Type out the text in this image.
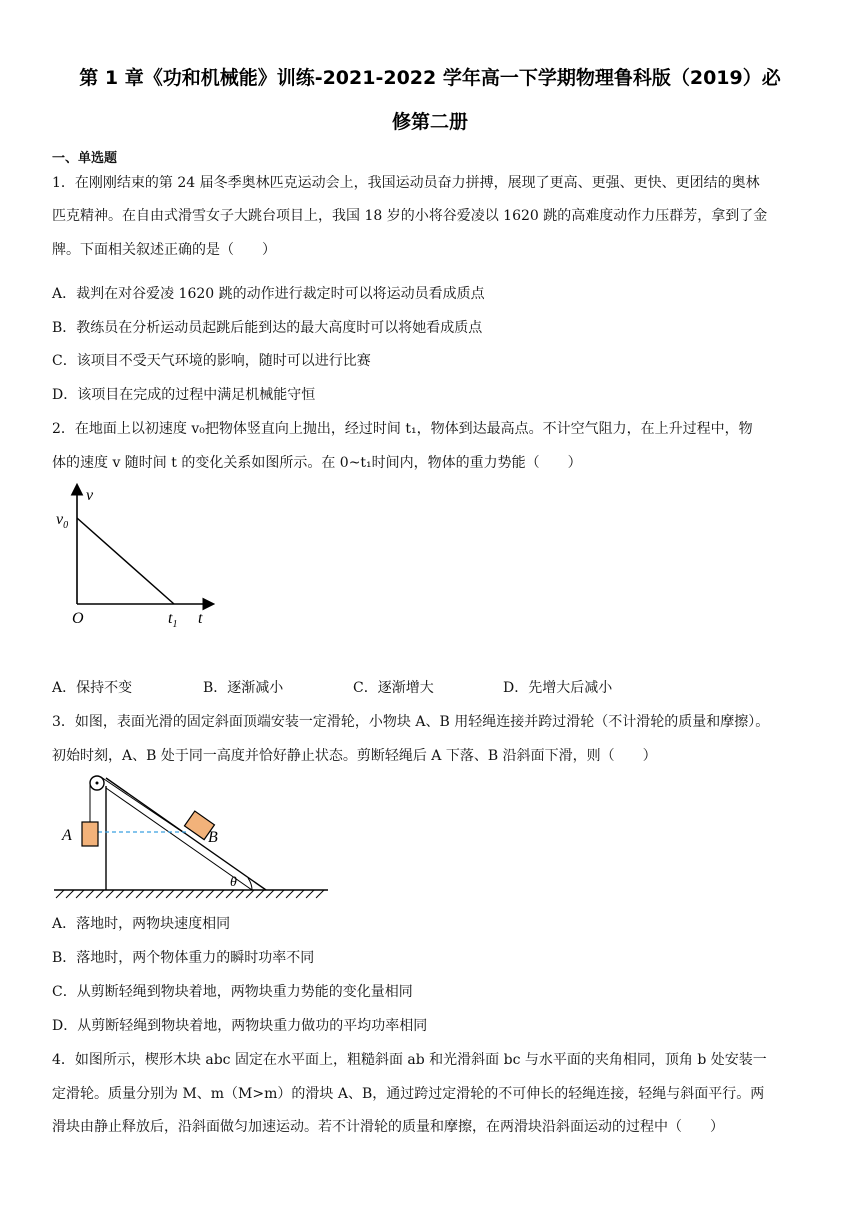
第 1 章《功和机械能》训练-2021-2022 学年高一下学期物理鲁科版（2019）必
修第二册
一、单选题
1．在刚刚结束的第 24 届冬季奥林匹克运动会上，我国运动员奋力拼搏，展现了更高、更强、更快、更团结的奥林
匹克精神。在自由式滑雪女子大跳台项目上，我国 18 岁的小将谷爱凌以 1620 跳的高难度动作力压群芳，拿到了金
牌。下面相关叙述正确的是（　　）
A．裁判在对谷爱凌 1620 跳的动作进行裁定时可以将运动员看成质点
B．教练员在分析运动员起跳后能到达的最大高度时可以将她看成质点
C．该项目不受天气环境的影响，随时可以进行比赛
D．该项目在完成的过程中满足机械能守恒
2．在地面上以初速度 v₀把物体竖直向上抛出，经过时间 t₁，物体到达最高点。不计空气阻力，在上升过程中，物
体的速度 v 随时间 t 的变化关系如图所示。在 0~t₁时间内，物体的重力势能（　　）
v
t
O
$v_0$
$t_1$
A．保持不变	B．逐渐减小	C．逐渐增大	D．先增大后减小
3．如图，表面光滑的固定斜面顶端安装一定滑轮，小物块 A、B 用轻绳连接并跨过滑轮（不计滑轮的质量和摩擦）。
初始时刻，A、B 处于同一高度并恰好静止状态。剪断轻绳后 A 下落、B 沿斜面下滑，则（　　）
A	B
θ
A．落地时，两物块速度相同
B．落地时，两个物体重力的瞬时功率不同
C．从剪断轻绳到物块着地，两物块重力势能的变化量相同
D．从剪断轻绳到物块着地，两物块重力做功的平均功率相同
4．如图所示，楔形木块 abc 固定在水平面上，粗糙斜面 ab 和光滑斜面 bc 与水平面的夹角相同，顶角 b 处安装一
定滑轮。质量分别为 M、m（M>m）的滑块 A、B，通过跨过定滑轮的不可伸长的轻绳连接，轻绳与斜面平行。两
滑块由静止释放后，沿斜面做匀加速运动。若不计滑轮的质量和摩擦，在两滑块沿斜面运动的过程中（　　）
